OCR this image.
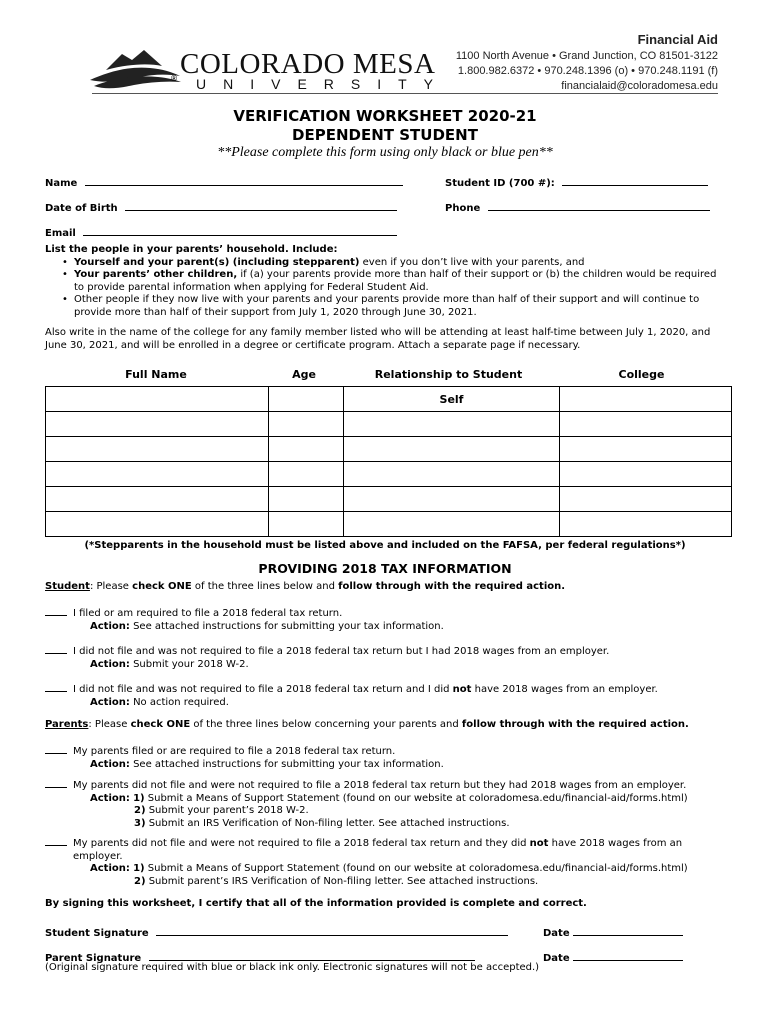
® COLORADO MESA
UNIVERSITY
Financial Aid
1100 North Avenue • Grand Junction, CO 81501-3122
1.800.982.6372 • 970.248.1396 (o) • 970.248.1191 (f)
financialaid@coloradomesa.edu
VERIFICATION WORKSHEET 2020-21
DEPENDENT STUDENT
**Please complete this form using only black or blue pen**
Name	Student ID (700 #):
Date of Birth	Phone
Email
List the people in your parents’ household. Include:
• Yourself and your parent(s) (including stepparent) even if you don’t live with your parents, and
• Your parents’ other children, if (a) your parents provide more than half of their support or (b) the children would be required to provide parental information when applying for Federal Student Aid.
• Other people if they now live with your parents and your parents provide more than half of their support and will continue to provide more than half of their support from July 1, 2020 through June 30, 2021.
Also write in the name of the college for any family member listed who will be attending at least half-time between July 1, 2020, and June 30, 2021, and will be enrolled in a degree or certificate program. Attach a separate page if necessary.
Full Name	Age	Relationship to Student	College
		Self	

(*Stepparents in the household must be listed above and included on the FAFSA, per federal regulations*)
PROVIDING 2018 TAX INFORMATION
Student: Please check ONE of the three lines below and follow through with the required action.
I filed or am required to file a 2018 federal tax return.
Action: See attached instructions for submitting your tax information.
I did not file and was not required to file a 2018 federal tax return but I had 2018 wages from an employer.
Action: Submit your 2018 W-2.
I did not file and was not required to file a 2018 federal tax return and I did not have 2018 wages from an employer.
Action: No action required.
Parents: Please check ONE of the three lines below concerning your parents and follow through with the required action.
My parents filed or are required to file a 2018 federal tax return.
Action: See attached instructions for submitting your tax information.
My parents did not file and were not required to file a 2018 federal tax return but they had 2018 wages from an employer.
Action: 1) Submit a Means of Support Statement (found on our website at coloradomesa.edu/financial-aid/forms.html)
2) Submit your parent’s 2018 W-2.
3) Submit an IRS Verification of Non-filing letter. See attached instructions.
My parents did not file and were not required to file a 2018 federal tax return and they did not have 2018 wages from an
employer.
Action: 1) Submit a Means of Support Statement (found on our website at coloradomesa.edu/financial-aid/forms.html)
2) Submit parent’s IRS Verification of Non-filing letter. See attached instructions.
By signing this worksheet, I certify that all of the information provided is complete and correct.
Student Signature	Date
Parent Signature	Date
(Original signature required with blue or black ink only. Electronic signatures will not be accepted.)
